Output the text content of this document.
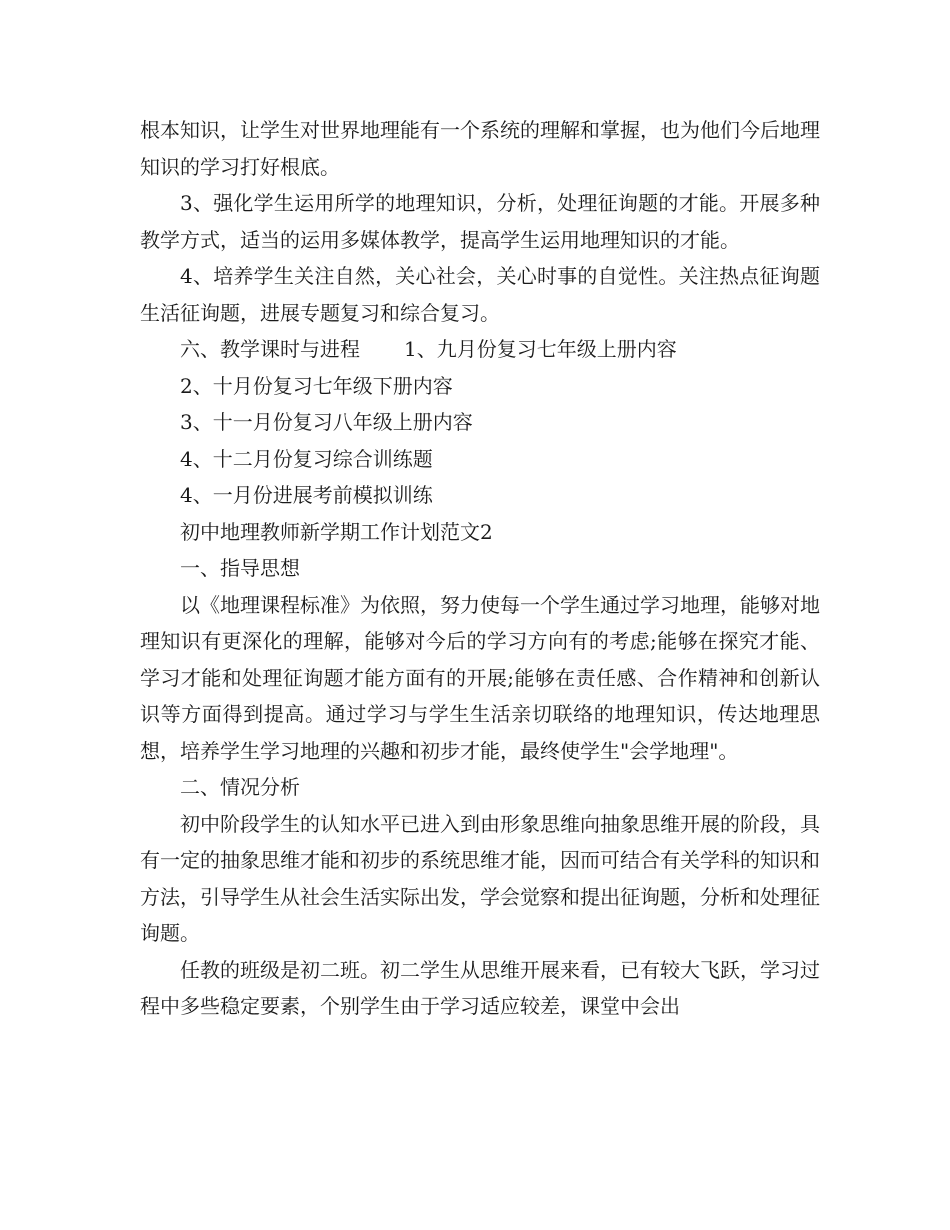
根本知识，让学生对世界地理能有一个系统的理解和掌握，也为他们今后地理知识的学习打好根底。

3、强化学生运用所学的地理知识，分析，处理征询题的才能。开展多种教学方式，适当的运用多媒体教学，提高学生运用地理知识的才能。

4、培养学生关注自然，关心社会，关心时事的自觉性。关注热点征询题生活征询题，进展专题复习和综合复习。

六、教学课时与进程 1、九月份复习七年级上册内容

2、十月份复习七年级下册内容

3、十一月份复习八年级上册内容

4、十二月份复习综合训练题

4、一月份进展考前模拟训练

初中地理教师新学期工作计划范文2

一、指导思想

以《地理课程标准》为依照，努力使每一个学生通过学习地理，能够对地理知识有更深化的理解，能够对今后的学习方向有的考虑;能够在探究才能、学习才能和处理征询题才能方面有的开展;能够在责任感、合作精神和创新认识等方面得到提高。通过学习与学生生活亲切联络的地理知识，传达地理思想，培养学生学习地理的兴趣和初步才能，最终使学生"会学地理"。

二、情况分析

初中阶段学生的认知水平已进入到由形象思维向抽象思维开展的阶段，具有一定的抽象思维才能和初步的系统思维才能，因而可结合有关学科的知识和方法，引导学生从社会生活实际出发，学会觉察和提出征询题，分析和处理征询题。

任教的班级是初二班。初二学生从思维开展来看，已有较大飞跃，学习过程中多些稳定要素，个别学生由于学习适应较差，课堂中会出
